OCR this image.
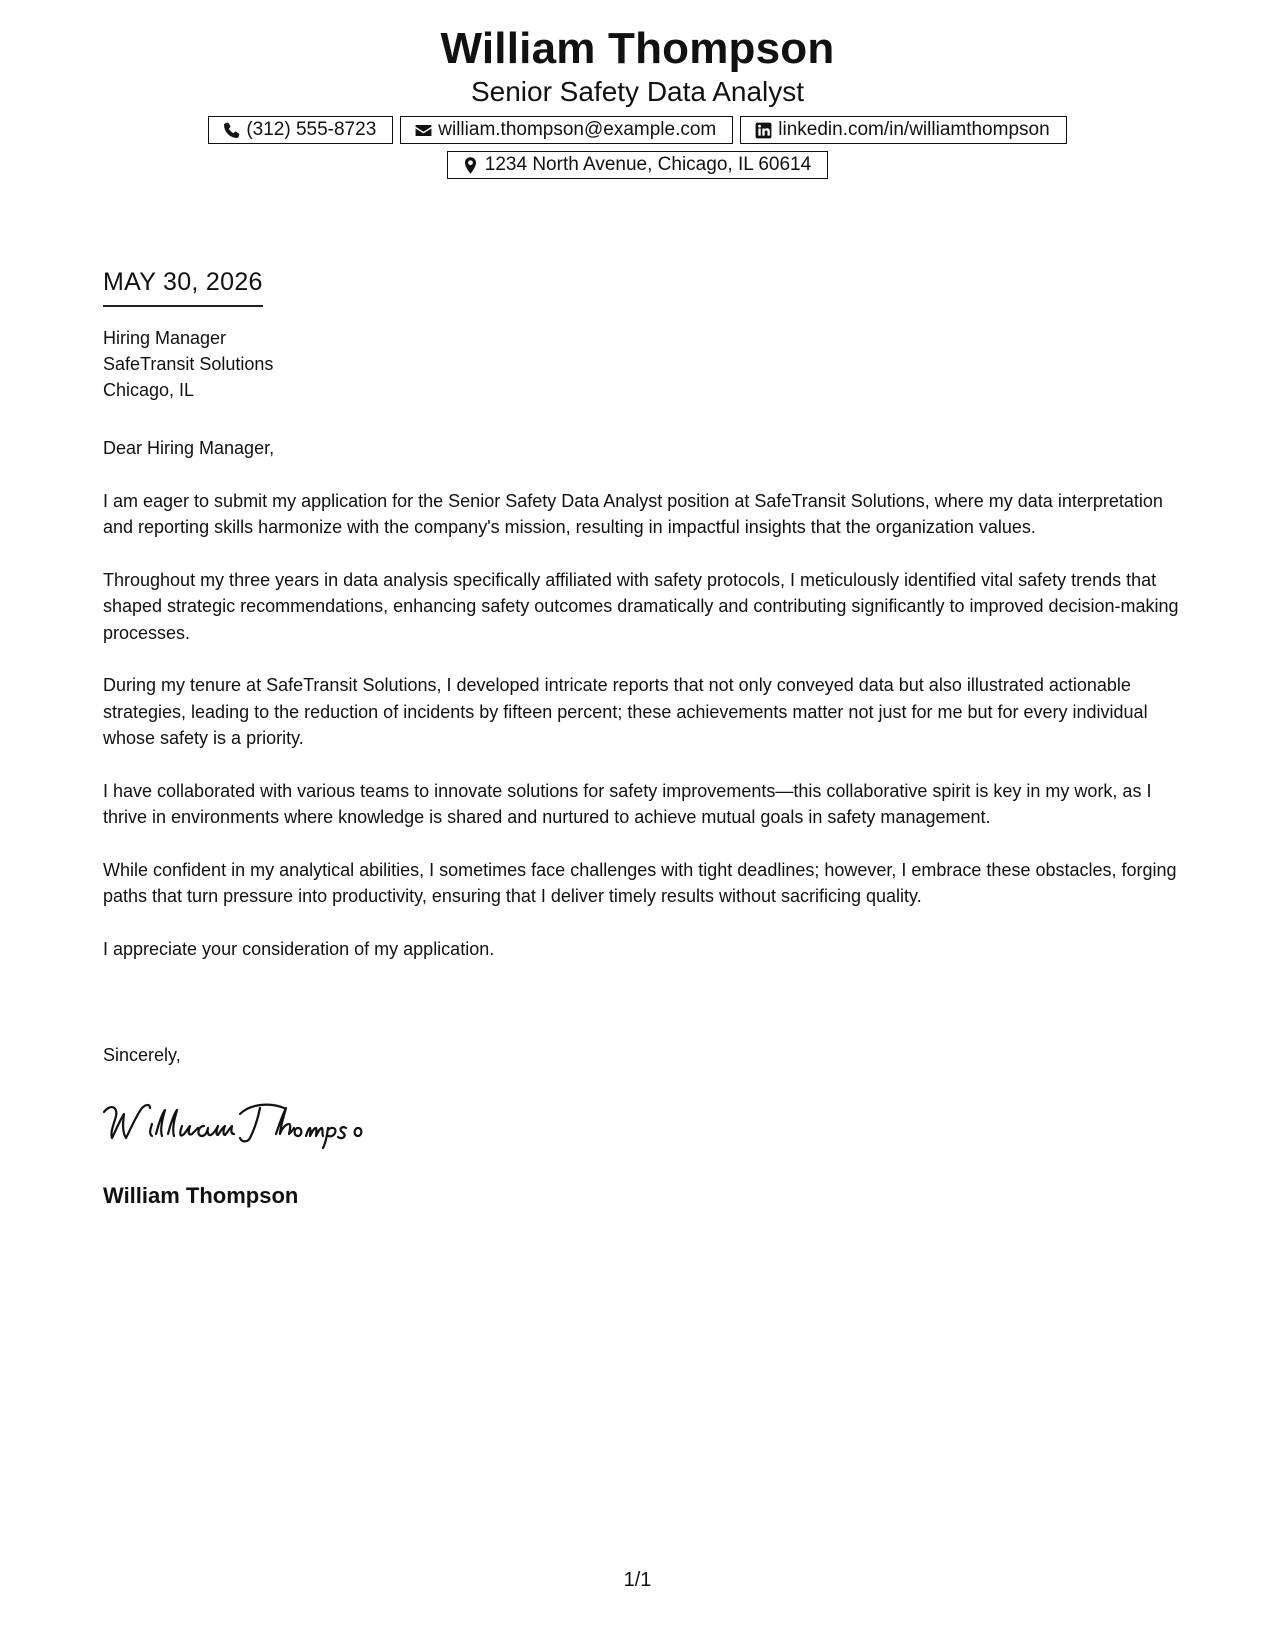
William Thompson
Senior Safety Data Analyst
(312) 555-8723	william.thompson@example.com	linkedin.com/in/williamthompson
1234 North Avenue, Chicago, IL 60614
MAY 30, 2026
Hiring Manager
SafeTransit Solutions
Chicago, IL

Dear Hiring Manager,

I am eager to submit my application for the Senior Safety Data Analyst position at SafeTransit Solutions, where my data interpretation and reporting skills harmonize with the company's mission, resulting in impactful insights that the organization values.

Throughout my three years in data analysis specifically affiliated with safety protocols, I meticulously identified vital safety trends that shaped strategic recommendations, enhancing safety outcomes dramatically and contributing significantly to improved decision-making processes.

During my tenure at SafeTransit Solutions, I developed intricate reports that not only conveyed data but also illustrated actionable strategies, leading to the reduction of incidents by fifteen percent; these achievements matter not just for me but for every individual whose safety is a priority.

I have collaborated with various teams to innovate solutions for safety improvements—this collaborative spirit is key in my work, as I thrive in environments where knowledge is shared and nurtured to achieve mutual goals in safety management.

While confident in my analytical abilities, I sometimes face challenges with tight deadlines; however, I embrace these obstacles, forging paths that turn pressure into productivity, ensuring that I deliver timely results without sacrificing quality.

I appreciate your consideration of my application.

Sincerely,
William Thompson
1/1
